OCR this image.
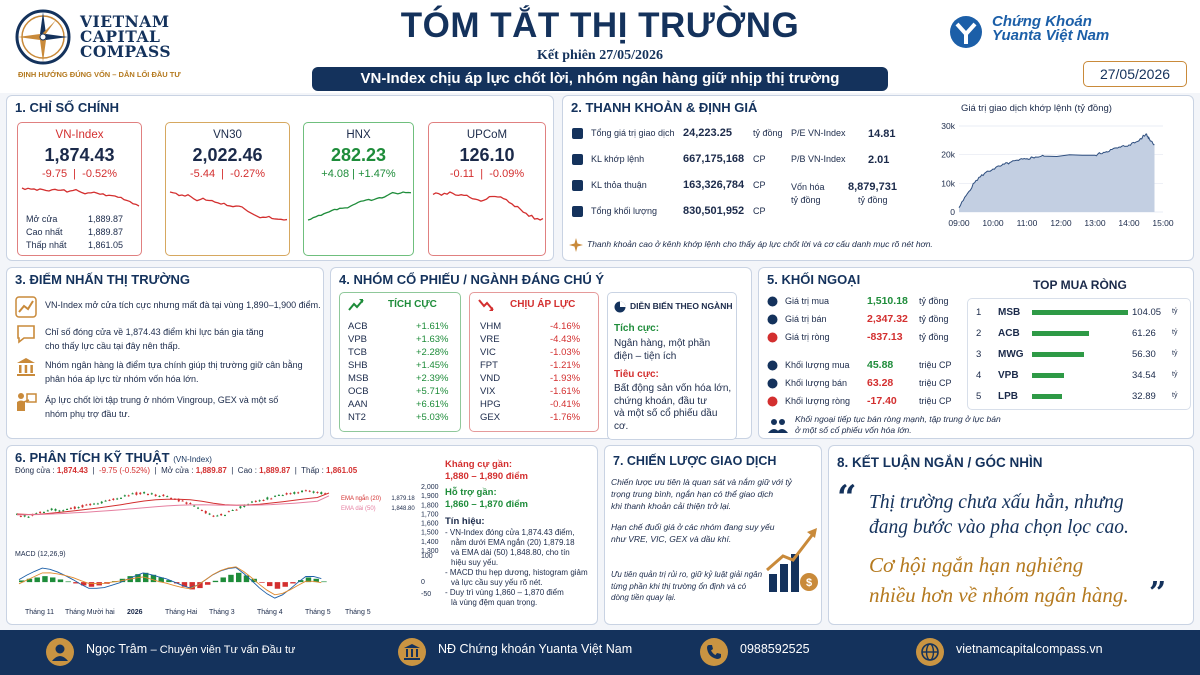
VIETNAM
CAPITAL
COMPASS
ĐỊNH HƯỚNG ĐÚNG VỐN – DẪN LỐI ĐẦU TƯ
TÓM TẮT THỊ TRƯỜNG
Kết phiên 27/05/2026
VN-Index chịu áp lực chốt lời, nhóm ngân hàng giữ nhịp thị trường
Chứng Khoán
Yuanta Việt Nam
27/05/2026
1. CHỈ SỐ CHÍNH
VN-Index
1,874.43
-9.75  |  -0.52%
Mở cửa	1,889.87
Cao nhất	1,889.87
Thấp nhất 1,861.05
VN30
2,022.46
-5.44  |  -0.27%
HNX
282.23
+4.08 | +1.47%
UPCoM
126.10
-0.11  |  -0.09%
2. THANH KHOẢN & ĐỊNH GIÁ
Tổng giá trị giao dịch 24,223.25 tỷ đồng
KL khớp lệnh	667,175,168 CP
KL thỏa thuận	163,326,784 CP
Tổng khối lượng 830,501,952 CP
P/E VN-Index 14.81
P/B VN-Index 2.01
Vốn hóa
tỷ đồng
8,879,731
tỷ đồng
Thanh khoản cao ở kênh khớp lệnh cho thấy áp lực chốt lời và cơ cấu danh mục rõ nét hơn.
Giá trị giao dịch khớp lệnh (tỷ đồng)
0
10k
20k
30k
09:00 10:00 11:00 12:00 13:00 14:00 15:00
3. ĐIỂM NHẤN THỊ TRƯỜNG
VN-Index mở cửa tích cực nhưng mất đà tại vùng 1,890–1,900 điểm.
Chỉ số đóng cửa về 1,874.43 điểm khi lực bán gia tăng
cho thấy lực cầu tại đây nên thấp.
Nhóm ngân hàng là điểm tựa chính giúp thị trường giữ cân bằng
phân hóa áp lực từ nhóm vốn hóa lớn.
Áp lực chốt lời tập trung ở nhóm Vingroup, GEX và một số
nhóm phụ trợ đầu tư.
4. NHÓM CỔ PHIẾU / NGÀNH ĐÁNG CHÚ Ý
TÍCH CỰC
ACB	+1.61%
VPB	+1.63%
TCB	+2.28%
SHB	+1.45%
MSB	+2.39%
OCB	+5.71%
AAN	+6.61%
NT2	+5.03%
CHỊU ÁP LỰC
VHM	-4.16%
VRE	-4.43%
VIC	-1.03%
FPT	-1.21%
VND	-1.93%
VIX	-1.61%
HPG	-0.41%
GEX	-1.76%
DIỄN BIẾN THEO NGÀNH
Tích cực:
Ngân hàng, một phần
điện – tiện ích
Tiêu cực:
Bất động sản vốn hóa lớn,
chứng khoán, đầu tư
và một số cổ phiếu dầu
cơ.
5. KHỐI NGOẠI
Giá trị mua	1,510.18 tỷ đồng
Giá trị bán	2,347.32 tỷ đồng
Giá trị ròng	-837.13 tỷ đồng
Khối lượng mua 45.88	triệu CP
Khối lượng bán 63.28	triệu CP
Khối lượng ròng -17.40 triệu CP
Khối ngoại tiếp tục bán ròng mạnh, tập trung ở lực bán
ở một số cổ phiếu vốn hóa lớn.
TOP MUA RÒNG
1 MSB	104.05 tỷ
2 ACB	61.26 tỷ
3 MWG	56.30 tỷ
4 VPB	34.54 tỷ
5 LPB	32.89 tỷ
6. PHÂN TÍCH KỸ THUẬT (VN-Index)
Đóng cửa : 1,874.43  |  -9.75 (-0.52%)  |  Mở cửa : 1,889.87  |  Cao : 1,889.87  |  Thấp : 1,861.05
2,000
1,900
1,800
1,700
1,600
1,500
1,400
1,300
EMA ngắn (20) 1,879.18
EMA dài (50)	1,848.80
100
0
-50
MACD (12,26,9)
Tháng 11 Tháng Mười hai 2026	Tháng Hai Tháng 3	Tháng 4	Tháng 5 Tháng 5
Kháng cự gần:
1,880 – 1,890 điểm
Hỗ trợ gần:
1,860 – 1,870 điểm
Tín hiệu:
- VN-Index đóng cửa 1,874.43 điểm,
nằm dưới EMA ngắn (20) 1,879.18
và EMA dài (50) 1,848.80, cho tín
hiệu suy yếu.
- MACD thu hẹp dương, histogram giảm
và lực cầu suy yếu rõ nét.
- Duy trì vùng 1,860 – 1,870 điểm
là vùng đệm quan trọng.
7. CHIẾN LƯỢC GIAO DỊCH
Chiến lược ưu tiên là quan sát và nắm giữ với tỷ
trọng trung bình, ngắn hạn có thể giao dịch
khi thanh khoản cải thiện trở lại.
Hạn chế đuổi giá ở các nhóm đang suy yếu
như VRE, VIC, GEX và dầu khí.
Ưu tiên quản trị rủi ro, giữ kỷ luật giải ngân
từng phần khi thị trường ổn định và có
dòng tiền quay lại.
$
8. KẾT LUẬN NGẮN / GÓC NHÌN
“ Thị trường chưa xấu hẳn, nhưng
đang bước vào pha chọn lọc cao.
Cơ hội ngắn hạn nghiêng
nhiều hơn về nhóm ngân hàng. ”
Ngọc Trâm – Chuyên viên Tư vấn Đầu tư	NĐ Chứng khoán Yuanta Việt Nam	0988592525	vietnamcapitalcompass.vn
